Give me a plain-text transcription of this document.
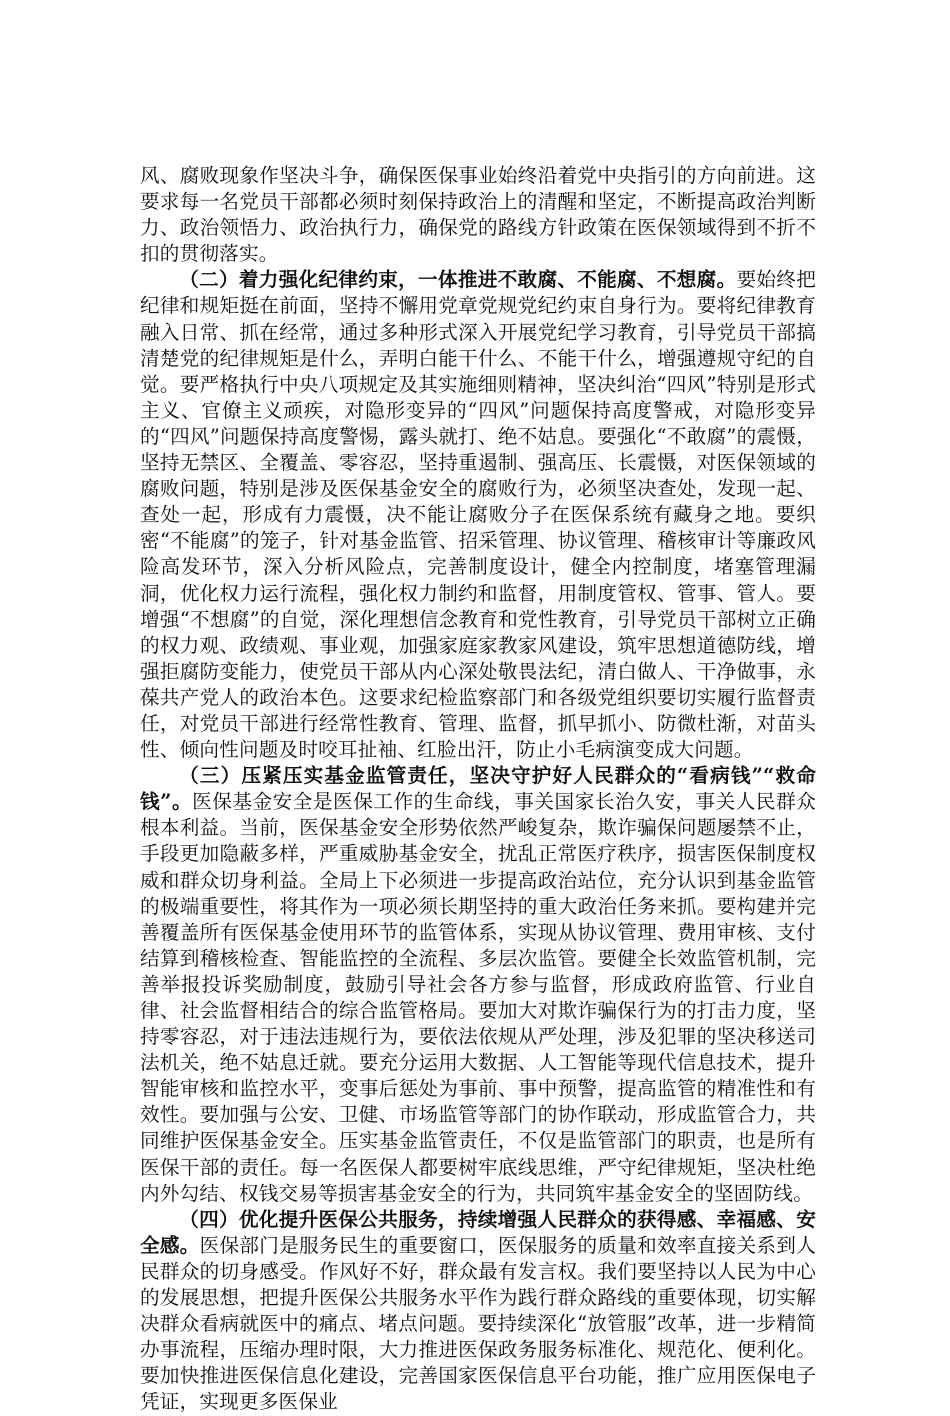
风、腐败现象作坚决斗争，确保医保事业始终沿着党中央指引的方向前进。这要求每一名党员干部都必须时刻保持政治上的清醒和坚定，不断提高政治判断力、政治领悟力、政治执行力，确保党的路线方针政策在医保领域得到不折不扣的贯彻落实。

（二）着力强化纪律约束，一体推进不敢腐、不能腐、不想腐。要始终把纪律和规矩挺在前面，坚持不懈用党章党规党纪约束自身行为。要将纪律教育融入日常、抓在经常，通过多种形式深入开展党纪学习教育，引导党员干部搞清楚党的纪律规矩是什么，弄明白能干什么、不能干什么，增强遵规守纪的自觉。要严格执行中央八项规定及其实施细则精神，坚决纠治“四风”特别是形式主义、官僚主义顽疾，对隐形变异的“四风”问题保持高度警戒，对隐形变异的“四风”问题保持高度警惕，露头就打、绝不姑息。要强化“不敢腐”的震慑，坚持无禁区、全覆盖、零容忍，坚持重遏制、强高压、长震慑，对医保领域的腐败问题，特别是涉及医保基金安全的腐败行为，必须坚决查处，发现一起、查处一起，形成有力震慑，决不能让腐败分子在医保系统有藏身之地。要织密“不能腐”的笼子，针对基金监管、招采管理、协议管理、稽核审计等廉政风险高发环节，深入分析风险点，完善制度设计，健全内控制度，堵塞管理漏洞，优化权力运行流程，强化权力制约和监督，用制度管权、管事、管人。要增强“不想腐”的自觉，深化理想信念教育和党性教育，引导党员干部树立正确的权力观、政绩观、事业观，加强家庭家教家风建设，筑牢思想道德防线，增强拒腐防变能力，使党员干部从内心深处敬畏法纪，清白做人、干净做事，永葆共产党人的政治本色。这要求纪检监察部门和各级党组织要切实履行监督责任，对党员干部进行经常性教育、管理、监督，抓早抓小、防微杜渐，对苗头性、倾向性问题及时咬耳扯袖、红脸出汗，防止小毛病演变成大问题。

（三）压紧压实基金监管责任，坚决守护好人民群众的“看病钱”“救命钱”。医保基金安全是医保工作的生命线，事关国家长治久安，事关人民群众根本利益。当前，医保基金安全形势依然严峻复杂，欺诈骗保问题屡禁不止，手段更加隐蔽多样，严重威胁基金安全，扰乱正常医疗秩序，损害医保制度权威和群众切身利益。全局上下必须进一步提高政治站位，充分认识到基金监管的极端重要性，将其作为一项必须长期坚持的重大政治任务来抓。要构建并完善覆盖所有医保基金使用环节的监管体系，实现从协议管理、费用审核、支付结算到稽核检查、智能监控的全流程、多层次监管。要健全长效监管机制，完善举报投诉奖励制度，鼓励引导社会各方参与监督，形成政府监管、行业自律、社会监督相结合的综合监管格局。要加大对欺诈骗保行为的打击力度，坚持零容忍，对于违法违规行为，要依法依规从严处理，涉及犯罪的坚决移送司法机关，绝不姑息迁就。要充分运用大数据、人工智能等现代信息技术，提升智能审核和监控水平，变事后惩处为事前、事中预警，提高监管的精准性和有效性。要加强与公安、卫健、市场监管等部门的协作联动，形成监管合力，共同维护医保基金安全。压实基金监管责任，不仅是监管部门的职责，也是所有医保干部的责任。每一名医保人都要树牢底线思维，严守纪律规矩，坚决杜绝内外勾结、权钱交易等损害基金安全的行为，共同筑牢基金安全的坚固防线。

（四）优化提升医保公共服务，持续增强人民群众的获得感、幸福感、安全感。医保部门是服务民生的重要窗口，医保服务的质量和效率直接关系到人民群众的切身感受。作风好不好，群众最有发言权。我们要坚持以人民为中心的发展思想，把提升医保公共服务水平作为践行群众路线的重要体现，切实解决群众看病就医中的痛点、堵点问题。要持续深化“放管服”改革，进一步精简办事流程，压缩办理时限，大力推进医保政务服务标准化、规范化、便利化。要加快推进医保信息化建设，完善国家医保信息平台功能，推广应用医保电子凭证，实现更多医保业
